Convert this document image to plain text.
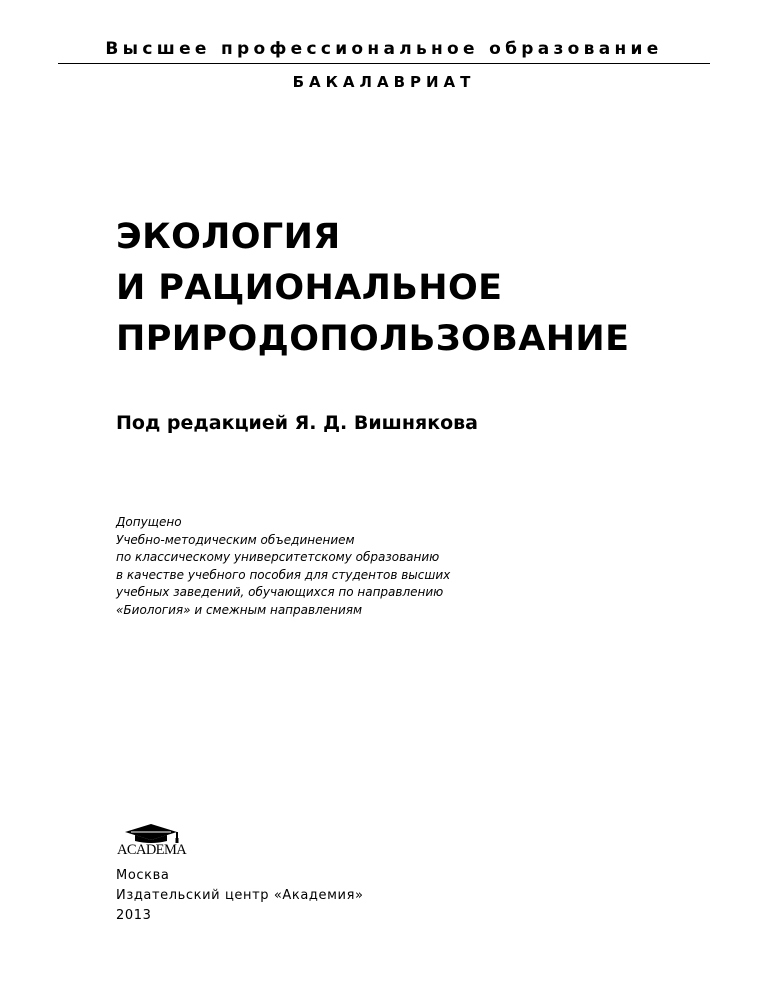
Высшее профессиональное образование
БАКАЛАВРИАТ
ЭКОЛОГИЯ
И РАЦИОНАЛЬНОЕ
ПРИРОДОПОЛЬЗОВАНИЕ
Под редакцией Я. Д. Вишнякова
Допущено
Учебно-методическим объединением
по классическому университетскому образованию
в качестве учебного пособия для студентов высших
учебных заведений, обучающихся по направлению
«Биология» и смежным направлениям
ACADEMA
Москва
Издательский центр «Академия»
2013
